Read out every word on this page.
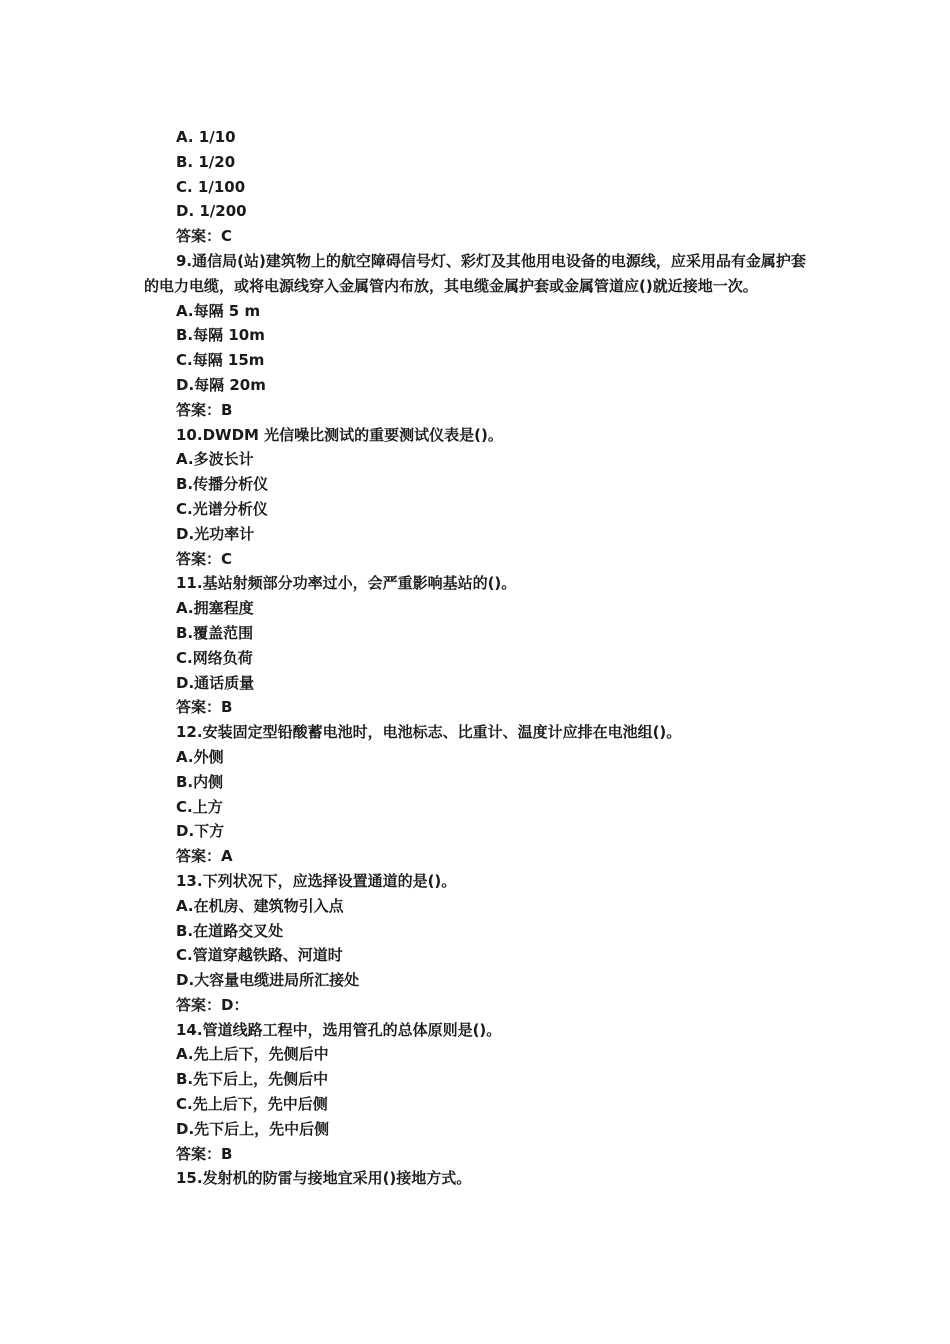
A. 1/10
B. 1/20
C. 1/100
D. 1/200
答案：C
9.通信局(站)建筑物上的航空障碍信号灯、彩灯及其他用电设备的电源线，应采用品有金属护套的电力电缆，或将电源线穿入金属管内布放，其电缆金属护套或金属管道应()就近接地一次。
A.每隔 5 m
B.每隔 10m
C.每隔 15m
D.每隔 20m
答案：B
10.DWDM 光信噪比测试的重要测试仪表是()。
A.多波长计
B.传播分析仪
C.光谱分析仪
D.光功率计
答案：C
11.基站射频部分功率过小，会严重影响基站的()。
A.拥塞程度
B.覆盖范围
C.网络负荷
D.通话质量
答案：B
12.安装固定型铅酸蓄电池时，电池标志、比重计、温度计应排在电池组()。
A.外侧
B.内侧
C.上方
D.下方
答案：A
13.下列状况下，应选择设置通道的是()。
A.在机房、建筑物引入点
B.在道路交叉处
C.管道穿越铁路、河道时
D.大容量电缆进局所汇接处
答案：D：
14.管道线路工程中，选用管孔的总体原则是()。
A.先上后下，先侧后中
B.先下后上，先侧后中
C.先上后下，先中后侧
D.先下后上，先中后侧
答案：B
15.发射机的防雷与接地宜采用()接地方式。
